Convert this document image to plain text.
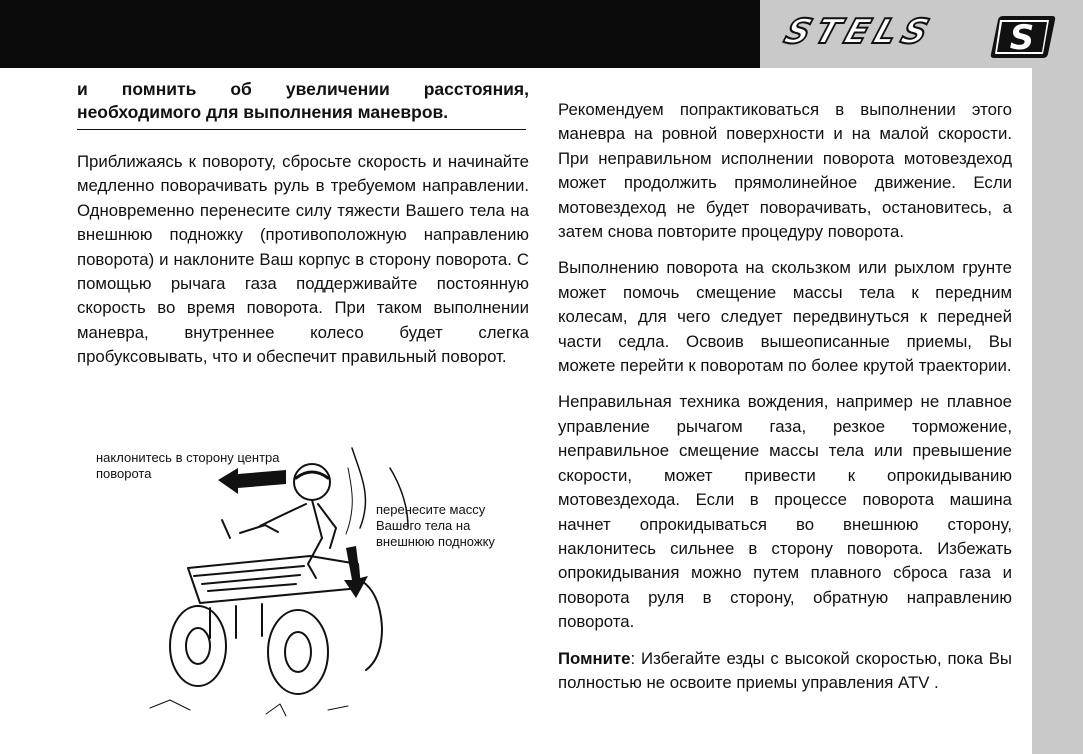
STELS S

и помнить об увеличении расстояния, необходимого для выполнения маневров.

Приближаясь к повороту, сбросьте скорость и начинайте медленно поворачивать руль в требуемом направлении. Одновременно перенесите силу тяжести Вашего тела на внешнюю подножку (противоположную направлению поворота) и наклоните Ваш корпус в сторону поворота. С помощью рычага газа поддерживайте постоянную скорость во время поворота. При таком выполнении маневра, внутреннее колесо будет слегка пробуксовывать, что и обеспечит правильный поворот.

наклонитесь в сторону центра поворота
перенесите массу Вашего тела на внешнюю подножку

Рекомендуем попрактиковаться в выполнении этого маневра на ровной поверхности и на малой скорости. При неправильном исполнении поворота мотовездеход может продолжить прямолинейное движение. Если мотовездеход не будет поворачивать, остановитесь, а затем снова повторите процедуру поворота.

Выполнению поворота на скользком или рыхлом грунте может помочь смещение массы тела к передним колесам, для чего следует передвинуться к передней части седла. Освоив вышеописанные приемы, Вы можете перейти к поворотам по более крутой траектории.

Неправильная техника вождения, например не плавное управление рычагом газа, резкое торможение, неправильное смещение массы тела или превышение скорости, может привести к опрокидыванию мотовездехода. Если в процессе поворота машина начнет опрокидываться во внешнюю сторону, наклонитесь сильнее в сторону поворота. Избежать опрокидывания можно путем плавного сброса газа и поворота руля в сторону, обратную направлению поворота.

Помните: Избегайте езды с высокой скоростью, пока Вы полностью не освоите приемы управления ATV .
